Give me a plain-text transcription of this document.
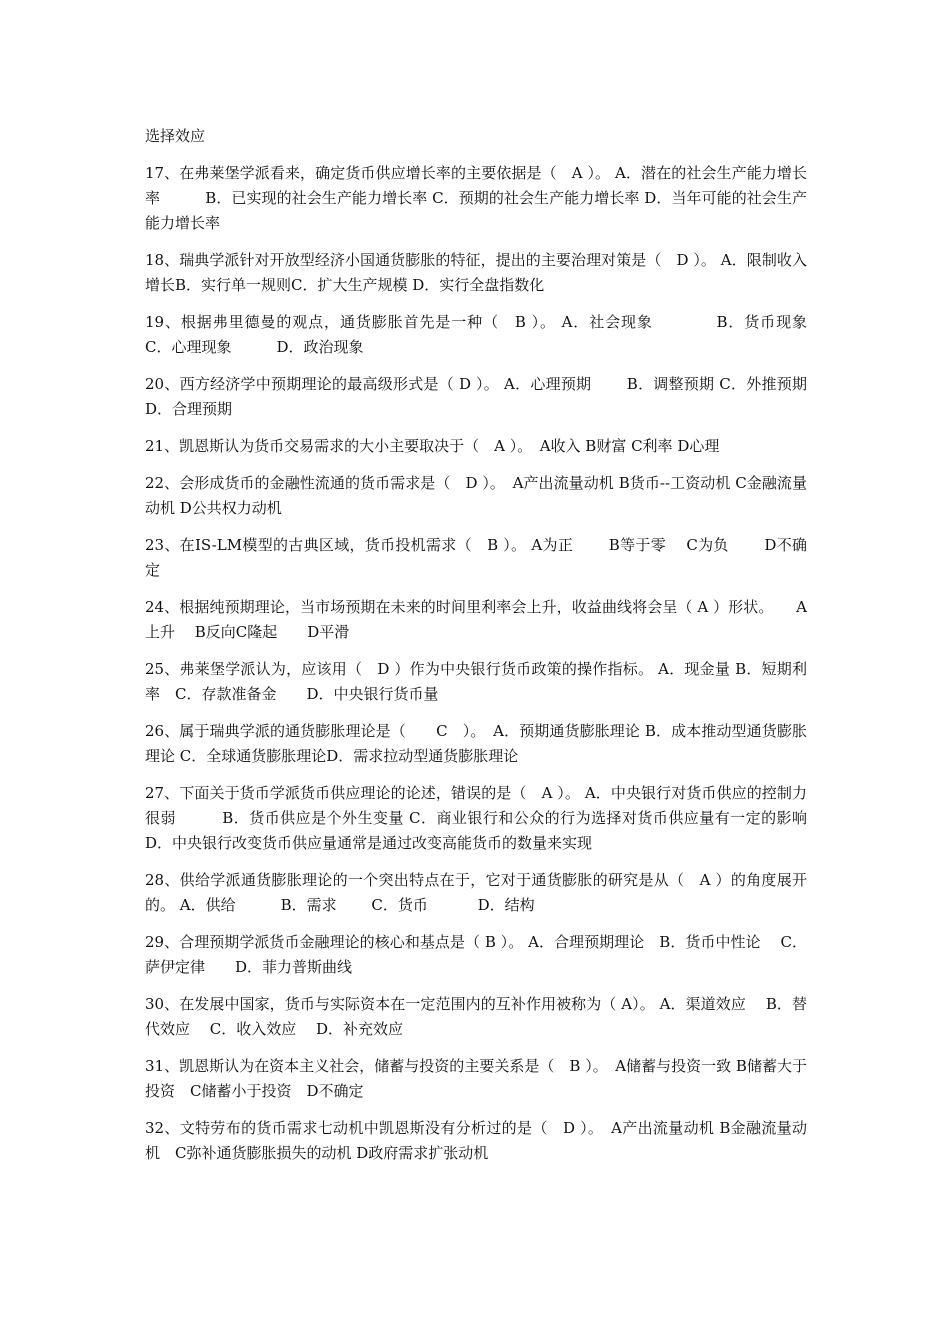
选择效应

17、在弗莱堡学派看来，确定货币供应增长率的主要依据是（　A ）。 A．潜在的社会生产能力增长率　　　B．已实现的社会生产能力增长率 C．预期的社会生产能力增长率 D．当年可能的社会生产能力增长率

18、瑞典学派针对开放型经济小国通货膨胀的特征，提出的主要治理对策是（　D ）。 A．限制收入增长B．实行单一规则C．扩大生产规模 D．实行全盘指数化

19、根据弗里德曼的观点，通货膨胀首先是一种（　B ）。 A．社会现象　　　　B．货币现象　 C．心理现象　　　D．政治现象

20、西方经济学中预期理论的最高级形式是（ D ）。 A．心理预期　　 B．调整预期 C．外推预期　　D．合理预期

21、凯恩斯认为货币交易需求的大小主要取决于（　A ）。　A收入 B财富 C利率 D心理

22、会形成货币的金融性流通的货币需求是（　D ）。　A产出流量动机 B货币--工资动机 C金融流量动机 D公共权力动机

23、在IS-LM模型的古典区域，货币投机需求（　B ）。 A为正　　 B等于零　 C为负　　 D不确定

24、根据纯预期理论，当市场预期在未来的时间里利率会上升，收益曲线将会呈（ A ）形状。　　A上升　 B反向C隆起　　D平滑

25、弗莱堡学派认为，应该用（　D ）作为中央银行货币政策的操作指标。 A．现金量 B．短期利率　C．存款准备金　　D．中央银行货币量

26、属于瑞典学派的通货膨胀理论是（　　C　）。　A．预期通货膨胀理论 B．成本推动型通货膨胀理论 C．全球通货膨胀理论D．需求拉动型通货膨胀理论

27、下面关于货币学派货币供应理论的论述，错误的是（　A ）。 A．中央银行对货币供应的控制力很弱　　　B．货币供应是个外生变量 C．商业银行和公众的行为选择对货币供应量有一定的影响 D．中央银行改变货币供应量通常是通过改变高能货币的数量来实现

28、供给学派通货膨胀理论的一个突出特点在于，它对于通货膨胀的研究是从（　A ）的角度展开的。 A．供给　　　B．需求　　 C．货币　　　 D．结构

29、合理预期学派货币金融理论的核心和基点是（ B ）。 A．合理预期理论　B．货币中性论　 C．萨伊定律　　D．菲力普斯曲线

30、在发展中国家，货币与实际资本在一定范围内的互补作用被称为（ A）。 A．渠道效应　 B．替代效应　 C．收入效应　 D．补充效应

31、凯恩斯认为在资本主义社会，储蓄与投资的主要关系是（　B ）。　A储蓄与投资一致 B储蓄大于投资　C储蓄小于投资　D不确定

32、文特劳布的货币需求七动机中凯恩斯没有分析过的是（　D ）。　A产出流量动机 B金融流量动机　C弥补通货膨胀损失的动机 D政府需求扩张动机
